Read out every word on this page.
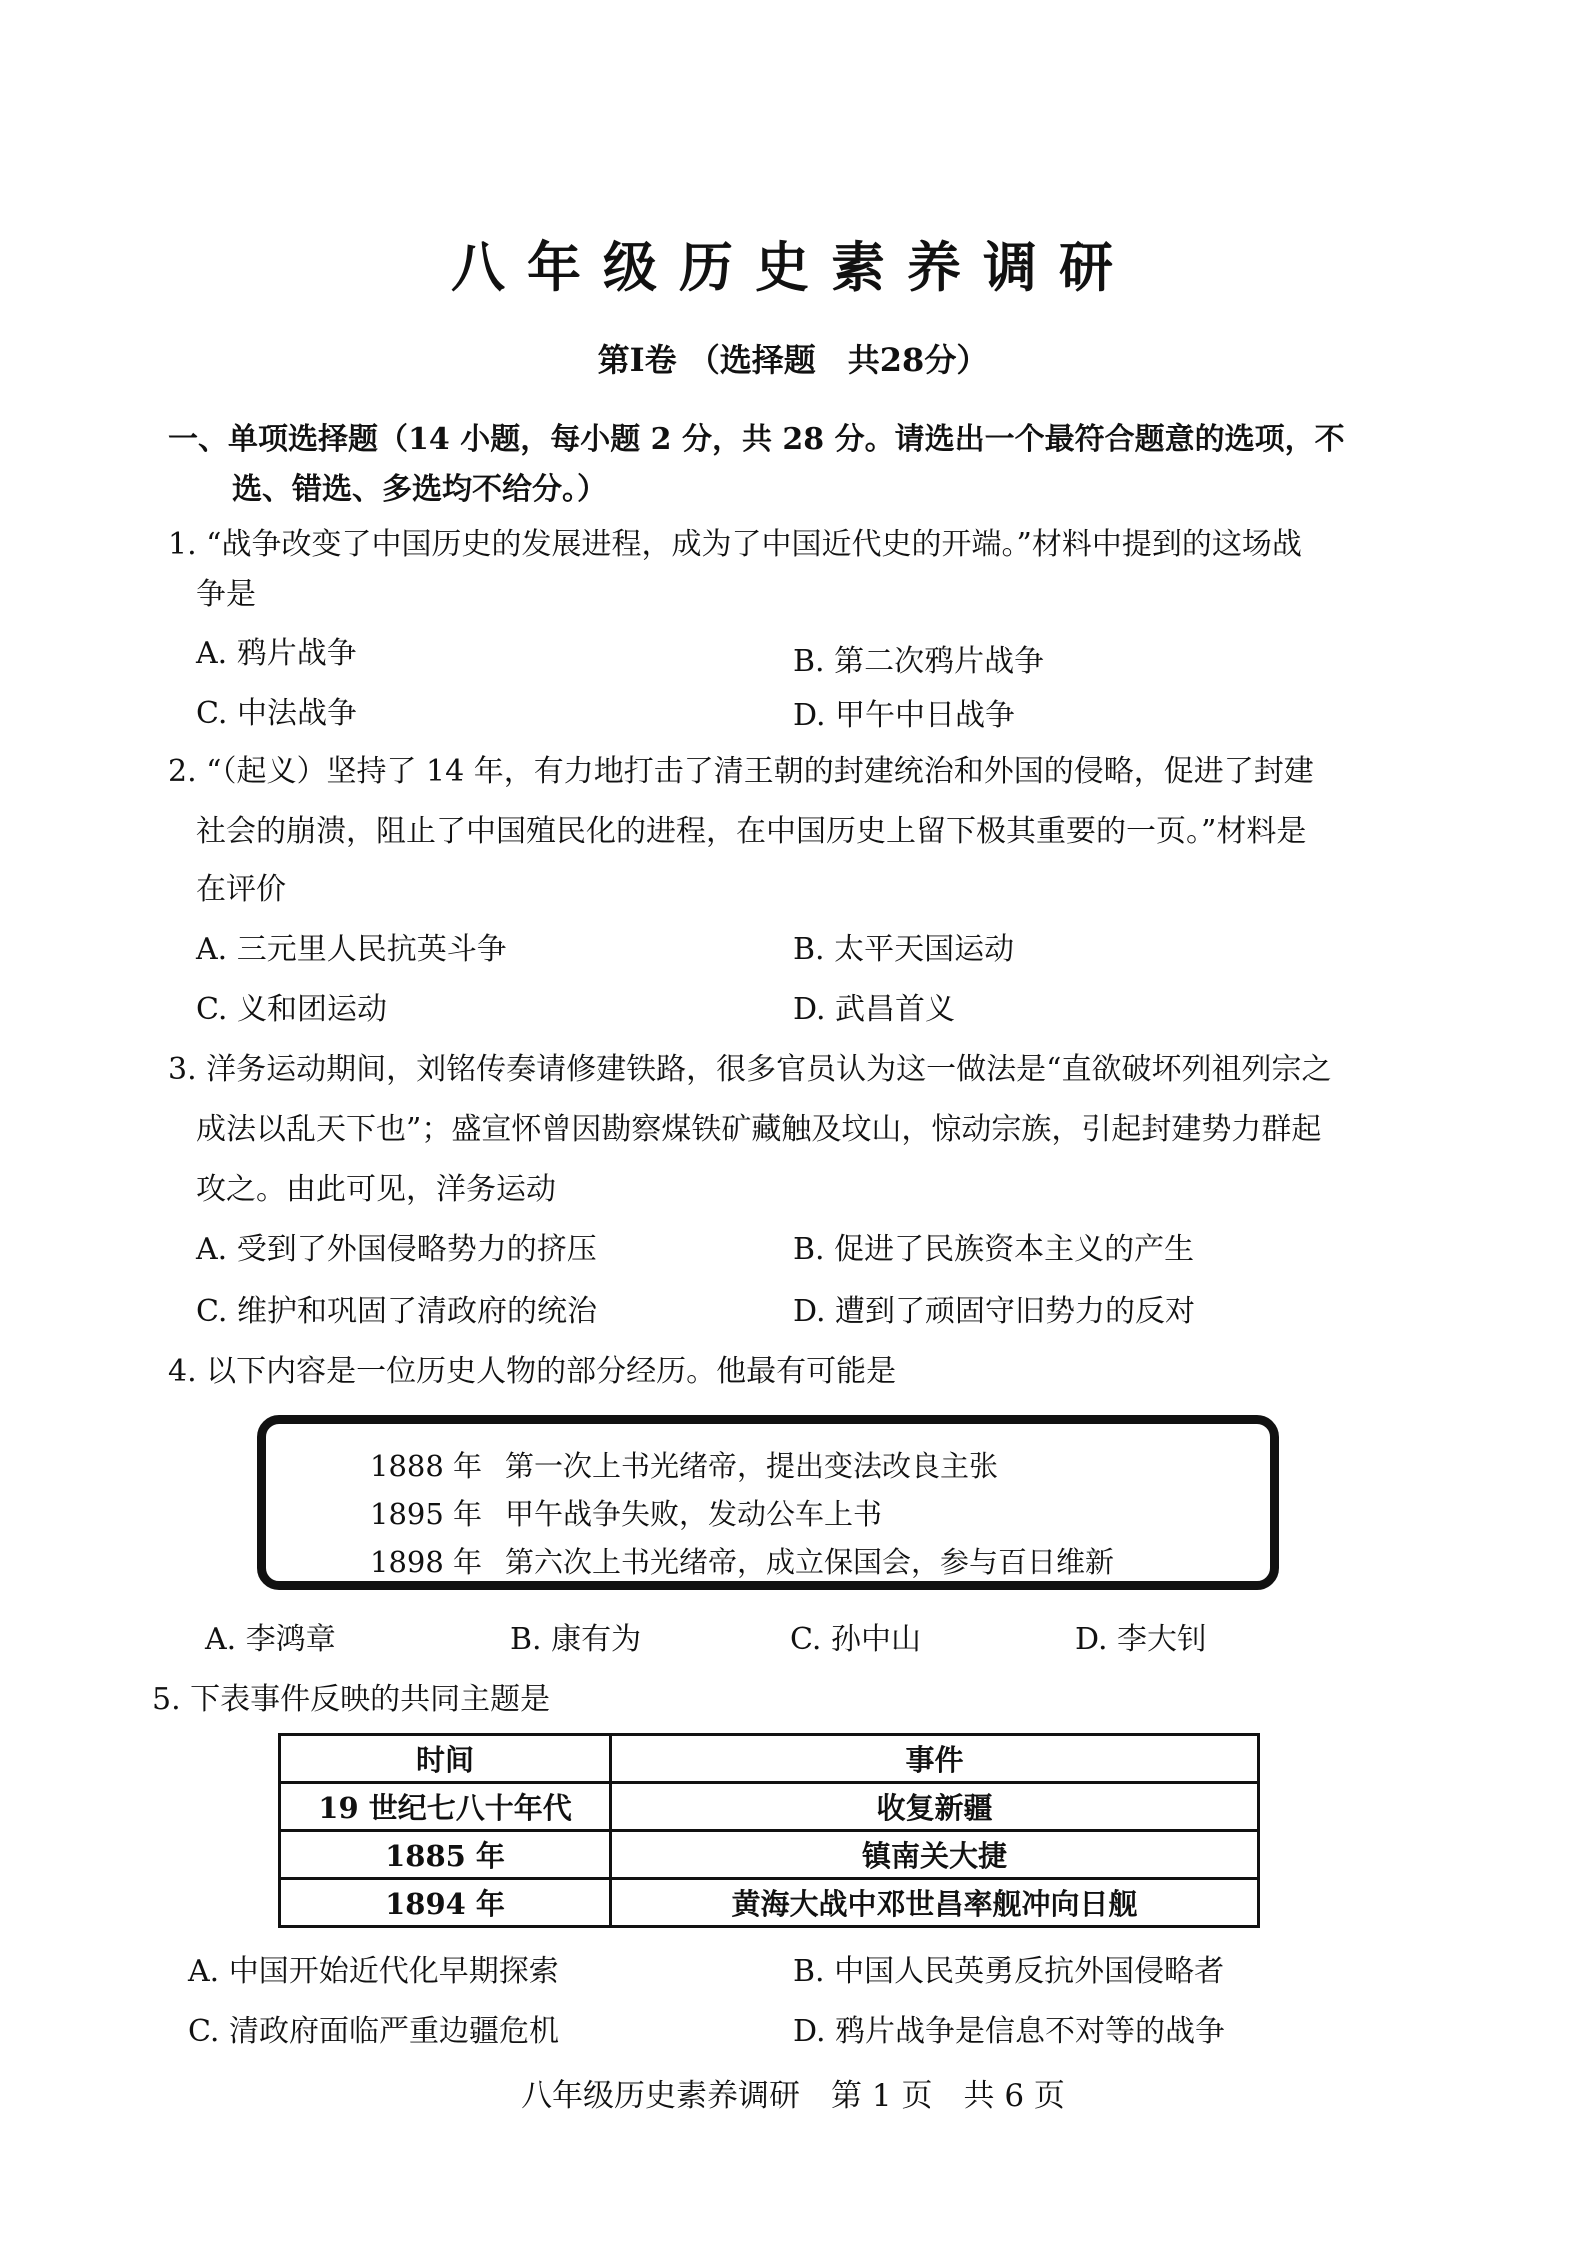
八年级历史素养调研
第Ⅰ卷 （选择题　共28分）
一、单项选择题（14 小题，每小题 2 分，共 28 分。请选出一个最符合题意的选项，不
选、错选、多选均不给分。）
1. “战争改变了中国历史的发展进程，成为了中国近代史的开端。”材料中提到的这场战
争是
A. 鸦片战争	B. 第二次鸦片战争
C. 中法战争	D. 甲午中日战争
2. “（起义）坚持了 14 年，有力地打击了清王朝的封建统治和外国的侵略，促进了封建
社会的崩溃，阻止了中国殖民化的进程，在中国历史上留下极其重要的一页。”材料是
在评价
A. 三元里人民抗英斗争	B. 太平天国运动
C. 义和团运动	D. 武昌首义
3. 洋务运动期间，刘铭传奏请修建铁路，很多官员认为这一做法是“直欲破坏列祖列宗之
成法以乱天下也”；盛宣怀曾因勘察煤铁矿藏触及坟山，惊动宗族，引起封建势力群起
攻之。由此可见，洋务运动
A. 受到了外国侵略势力的挤压	B. 促进了民族资本主义的产生
C. 维护和巩固了清政府的统治	D. 遭到了顽固守旧势力的反对
4. 以下内容是一位历史人物的部分经历。他最有可能是
1888 年 第一次上书光绪帝，提出变法改良主张
1895 年 甲午战争失败，发动公车上书
1898 年 第六次上书光绪帝，成立保国会，参与百日维新
A. 李鸿章	B. 康有为	C. 孙中山	D. 李大钊
5. 下表事件反映的共同主题是
时间	事件
19 世纪七八十年代	收复新疆
1885 年	镇南关大捷
1894 年	黄海大战中邓世昌率舰冲向日舰
A. 中国开始近代化早期探索	B. 中国人民英勇反抗外国侵略者
C. 清政府面临严重边疆危机	D. 鸦片战争是信息不对等的战争
八年级历史素养调研　第 1 页　共 6 页
